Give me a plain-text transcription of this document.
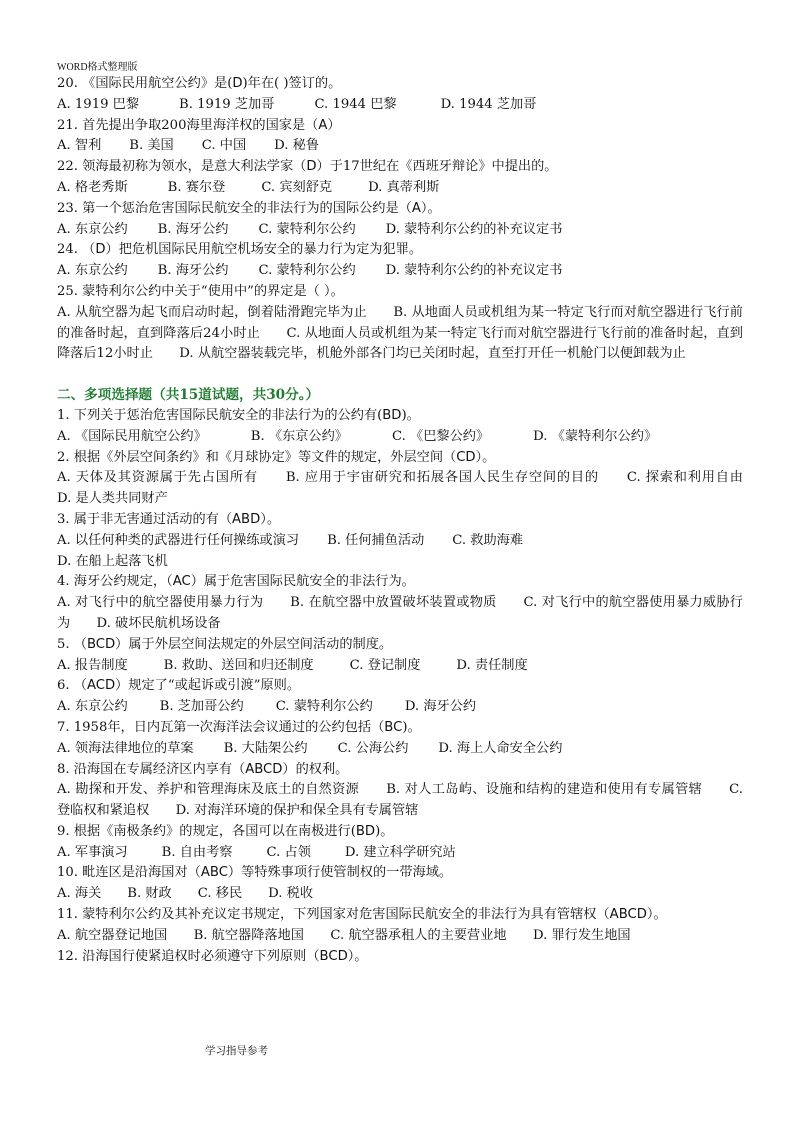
WORD格式整理版
20. 《国际民用航空公约》是(D)年在( )签订的。
A. 1919 巴黎	B. 1919 芝加哥	C. 1944 巴黎	D. 1944 芝加哥
21. 首先提出争取200海里海洋权的国家是（A）
A. 智利 B. 美国 C. 中国 D. 秘鲁
22. 领海最初称为领水，是意大利法学家（D）于17世纪在《西班牙辩论》中提出的。
A. 格老秀斯	B. 赛尔登	C. 宾刻舒克	D. 真蒂利斯
23. 第一个惩治危害国际民航安全的非法行为的国际公约是（A）。
A. 东京公约 B. 海牙公约 C. 蒙特利尔公约 D. 蒙特利尔公约的补充议定书
24. （D）把危机国际民用航空机场安全的暴力行为定为犯罪。
A. 东京公约 B. 海牙公约 C. 蒙特利尔公约 D. 蒙特利尔公约的补充议定书
25. 蒙特利尔公约中关于“使用中”的界定是（ ）。
A. 从航空器为起飞而启动时起，倒着陆滑跑完毕为止　　B. 从地面人员或机组为某一特定飞行而对航空器进行飞行前的准备时起，直到降落后24小时止　　C. 从地面人员或机组为某一特定飞行而对航空器进行飞行前的准备时起，直到降落后12小时止　　D. 从航空器装载完毕，机舱外部各门均已关闭时起，直至打开任一机舱门以便卸载为止
二、多项选择题（共15道试题，共30分。）
1. 下列关于惩治危害国际民航安全的非法行为的公约有(BD)。
A. 《国际民用航空公约》	B. 《东京公约》	C. 《巴黎公约》	D. 《蒙特利尔公约》
2. 根据《外层空间条约》和《月球协定》等文件的规定，外层空间（CD）。
A. 天体及其资源属于先占国所有　　B. 应用于宇宙研究和拓展各国人民生存空间的目的　　C. 探索和利用自由　　D. 是人类共同财产
3. 属于非无害通过活动的有（ABD）。
A. 以任何种类的武器进行任何操练或演习 B. 任何捕鱼活动 C. 救助海难
D. 在船上起落飞机
4. 海牙公约规定，（AC）属于危害国际民航安全的非法行为。
A. 对飞行中的航空器使用暴力行为　　B. 在航空器中放置破坏装置或物质　　C. 对飞行中的航空器使用暴力威胁行为　　D. 破坏民航机场设备
5. （BCD）属于外层空间法规定的外层空间活动的制度。
A. 报告制度	B. 救助、送回和归还制度	C. 登记制度	D. 责任制度
6. （ACD）规定了“或起诉或引渡”原则。
A. 东京公约 B. 芝加哥公约 C. 蒙特利尔公约 D. 海牙公约
7. 1958年，日内瓦第一次海洋法会议通过的公约包括（BC)。
A. 领海法律地位的草案 B. 大陆架公约 C. 公海公约 D. 海上人命安全公约
8. 沿海国在专属经济区内享有（ABCD）的权利。
A. 勘探和开发、养护和管理海床及底土的自然资源　　B. 对人工岛屿、设施和结构的建造和使用有专属管辖　　C. 登临权和紧追权　　D. 对海洋环境的保护和保全具有专属管辖
9. 根据《南极条约》的规定，各国可以在南极进行(BD)。
A. 军事演习	B. 自由考察	C. 占领	D. 建立科学研究站
10. 毗连区是沿海国对（ABC）等特殊事项行使管制权的一带海域。
A. 海关 B. 财政 C. 移民 D. 税收
11. 蒙特利尔公约及其补充议定书规定，下列国家对危害国际民航安全的非法行为具有管辖权（ABCD）。
A. 航空器登记地国　　B. 航空器降落地国　　C. 航空器承租人的主要营业地　　D. 罪行发生地国
12. 沿海国行使紧追权时必须遵守下列原则（BCD）。
学习指导参考
